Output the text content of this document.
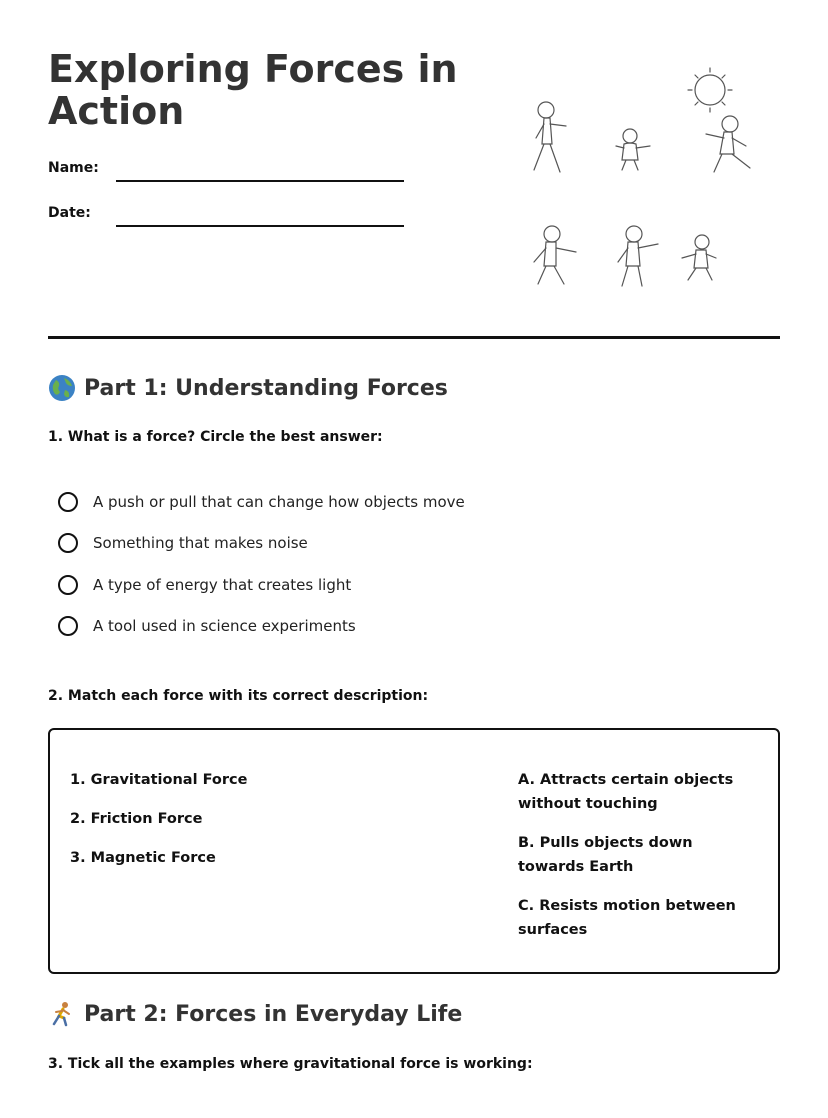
Exploring Forces in Action
Name:
Date:
Part 1: Understanding Forces
1. What is a force? Circle the best answer:
A push or pull that can change how objects move
Something that makes noise
A type of energy that creates light
A tool used in science experiments
2. Match each force with its correct description:
1. Gravitational Force
2. Friction Force
3. Magnetic Force
A. Attracts certain objects without touching
B. Pulls objects down towards Earth
C. Resists motion between surfaces
Part 2: Forces in Everyday Life
3. Tick all the examples where gravitational force is working:
